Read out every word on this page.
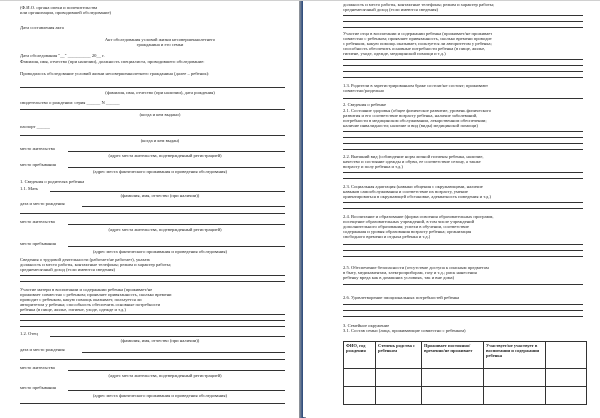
(Ф.И.О. органа опеки и попечительства
или организации, проводившей обследование)
Дата составления акта
Акт обследования условий жизни несовершеннолетнего
гражданина и его семьи
Дата обследования "__" __________ 20__ г.
Фамилия, имя, отчество (при наличии), должность специалиста, проводившего обследование:
Проводилось обследование условий жизни несовершеннолетнего гражданина (далее – ребенок):
(фамилия, имя, отчество (при наличии), дата рождения)
свидетельство о рождении: серия ______ N ______
(когда и кем выдано)
паспорт ______
(когда и кем выдан)
место жительства
(адрес места жительства, подтвержденный регистрацией)
место пребывания
(адрес места фактического проживания и проведения обследования)
1. Сведения о родителях ребенка
1.1. Мать
(фамилия, имя, отчество (при наличии))
дата и место рождения
место жительства
(адрес места жительства, подтвержденный регистрацией)
место пребывания
(адрес места фактического проживания и проведения обследования)
Сведения о трудовой деятельности (работает/не работает), указать
должность и место работы, контактные телефоны; режим и характер работы;
среднемесячный доход (если имеются сведения)
Участие матери в воспитании и содержании ребенка (проживает/не
проживает совместно с ребенком; проявляет привязанность, сколько времени
проводит с ребенком, какую помощь оказывает, пользуется ли
авторитетом у ребенка; способность обеспечить основные потребности
ребенка (в пище, жилье, гигиене, уходе, одежде и т.д.)
1.2. Отец
(фамилия, имя, отчество (при наличии))
дата и место рождения
место жительства
(адрес места жительства, подтвержденный регистрацией)
место пребывания
(адрес места фактического проживания и проведения обследования)
должность и место работы, контактные телефоны; режим и характер работы;
среднемесячный доход (если имеются сведения)
Участие отца в воспитании и содержании ребенка (проживает/не проживает
совместно с ребенком; проявляет привязанность, сколько времени проводит
с ребенком, какую помощь оказывает, пользуется ли авторитетом у ребенка;
способность обеспечить основные потребности ребенка (в пище, жилье,
гигиене, уходе, одежде, медицинской помощи и т.д.)
1.3. Родители в зарегистрированном браке состоят/не состоят; проживают
совместно/раздельно
2. Сведения о ребенке
2.1. Состояние здоровья (общее физическое развитие, уровень физического
развития и его соответствие возрасту ребенка, наличие заболеваний,
потребности в медицинском обслуживании, лекарственном обеспечении;
наличие инвалидности; наличие и вид (виды) медицинской помощи)
2.2. Внешний вид (соблюдение норм личной гигиены ребенка, наличие,
качество и состояние одежды и обуви, ее соответствие сезону, а также
возрасту и полу ребенка и т.д.)
2.3. Социальная адаптация (навыки общения с окружающими, наличие
навыков самообслуживания и соответствие их возрасту, умение
ориентироваться в окружающей обстановке, адекватность поведения и т.д.)
2.4. Воспитание и образование (форма освоения образовательных программ,
посещение образовательных учреждений, в том числе учреждений
дополнительного образования; успехи в обучении, соответствие
содержания и уровня образования возрасту ребенка; организация
свободного времени и отдыха ребенка и т.д.)
2.5. Обеспечение безопасности (отсутствие доступа к опасным предметам
в быту, медикаментам, электроприборам, газу и т.д.; риск нанесения
ребенку вреда как в домашних условиях, так и вне дома)
2.6. Удовлетворение эмоциональных потребностей ребенка
3. Семейное окружение
3.1. Состав семьи (лица, проживающие совместно с ребенком)
ФИО, год рождения
Степень родства с ребенком
Проживает постоянно/временно/не проживает
Участвует/не участвует в воспитании и содержании ребенка
